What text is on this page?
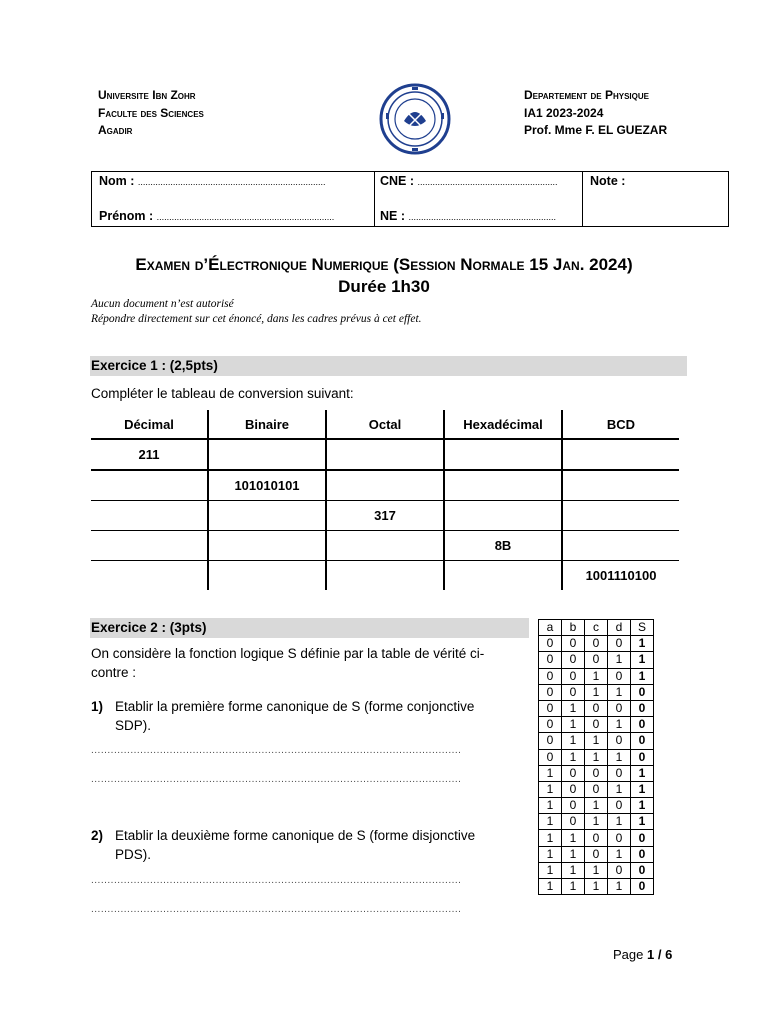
Universite Ibn Zohr
Faculte des Sciences
Agadir
Departement de Physique
IA1 2023-2024
Prof. Mme F. EL GUEZAR
Nom : ...........................................................................
Prénom : .......................................................................
CNE : ........................................................
NE : ...........................................................
Note :
Examen d’Électronique Numerique (Session Normale 15 Jan. 2024)
Durée 1h30
Aucun document n’est autorisé
Répondre directement sur cet énoncé, dans les cadres prévus à cet effet.
Exercice 1 : (2,5pts)
Compléter le tableau de conversion suivant:
Décimal	Binaire	Octal	Hexadécimal	BCD
211				
	101010101			
		317		
			8B	
				1001110100
Exercice 2 : (3pts)
On considère la fonction logique S définie par la table de vérité ci-
contre :
1) Etablir la première forme canonique de S (forme conjonctive
SDP).
.................................................................................................................
.................................................................................................................
2) Etablir la deuxième forme canonique de S (forme disjonctive
PDS).
.................................................................................................................
.................................................................................................................
a	b	c	d	S
0	0	0	0	1
0	0	0	1	1
0	0	1	0	1
0	0	1	1	0
0	1	0	0	0
0	1	0	1	0
0	1	1	0	0
0	1	1	1	0
1	0	0	0	1
1	0	0	1	1
1	0	1	0	1
1	0	1	1	1
1	1	0	0	0
1	1	0	1	0
1	1	1	0	0
1	1	1	1	0
Page 1 / 6
